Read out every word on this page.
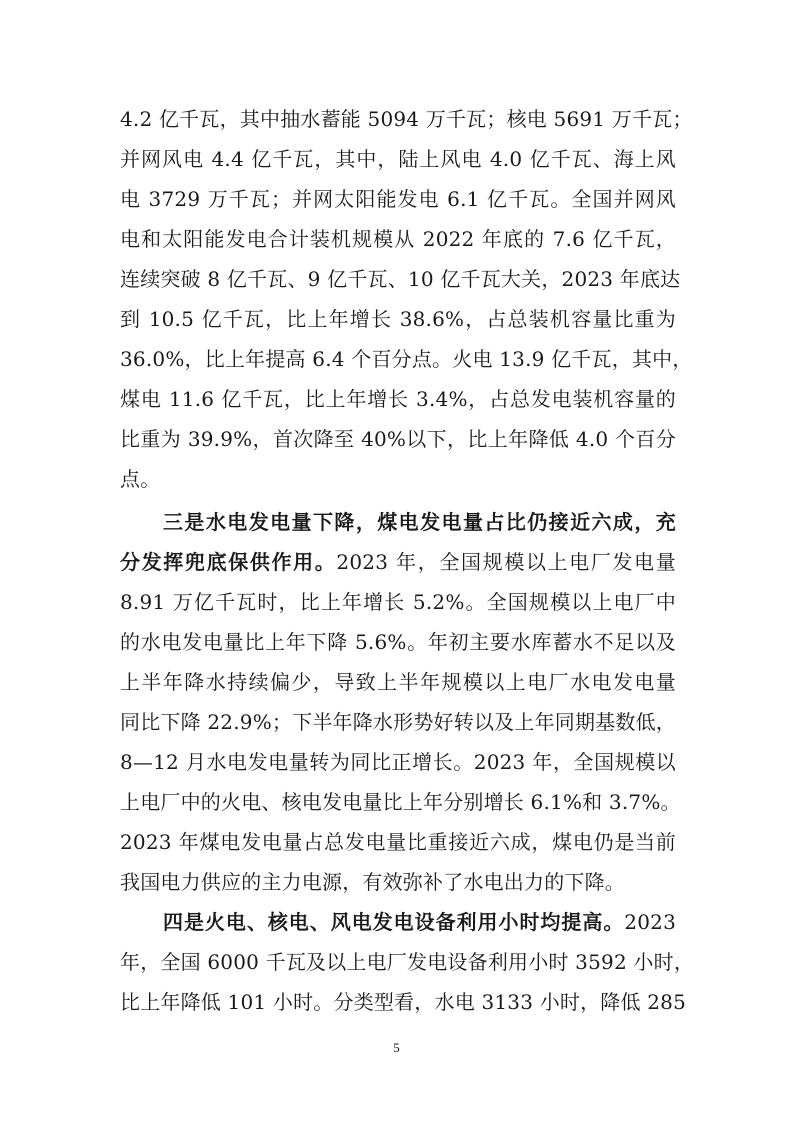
4.2 亿千瓦，其中抽水蓄能 5094 万千瓦；核电 5691 万千瓦；
并网风电 4.4 亿千瓦，其中，陆上风电 4.0 亿千瓦、海上风
电 3729 万千瓦；并网太阳能发电 6.1 亿千瓦。全国并网风
电和太阳能发电合计装机规模从 2022 年底的 7.6 亿千瓦，
连续突破 8 亿千瓦、9 亿千瓦、10 亿千瓦大关，2023 年底达
到 10.5 亿千瓦，比上年增长 38.6%，占总装机容量比重为
36.0%，比上年提高 6.4 个百分点。火电 13.9 亿千瓦，其中，
煤电 11.6 亿千瓦，比上年增长 3.4%，占总发电装机容量的
比重为 39.9%，首次降至 40%以下，比上年降低 4.0 个百分
点。
三是水电发电量下降，煤电发电量占比仍接近六成，充
分发挥兜底保供作用。2023 年，全国规模以上电厂发电量
8.91 万亿千瓦时，比上年增长 5.2%。全国规模以上电厂中
的水电发电量比上年下降 5.6%。年初主要水库蓄水不足以及
上半年降水持续偏少，导致上半年规模以上电厂水电发电量
同比下降 22.9%；下半年降水形势好转以及上年同期基数低，
8—12 月水电发电量转为同比正增长。2023 年，全国规模以
上电厂中的火电、核电发电量比上年分别增长 6.1%和 3.7%。
2023 年煤电发电量占总发电量比重接近六成，煤电仍是当前
我国电力供应的主力电源，有效弥补了水电出力的下降。
四是火电、核电、风电发电设备利用小时均提高。2023
年，全国 6000 千瓦及以上电厂发电设备利用小时 3592 小时，
比上年降低 101 小时。分类型看，水电 3133 小时，降低 285
5
